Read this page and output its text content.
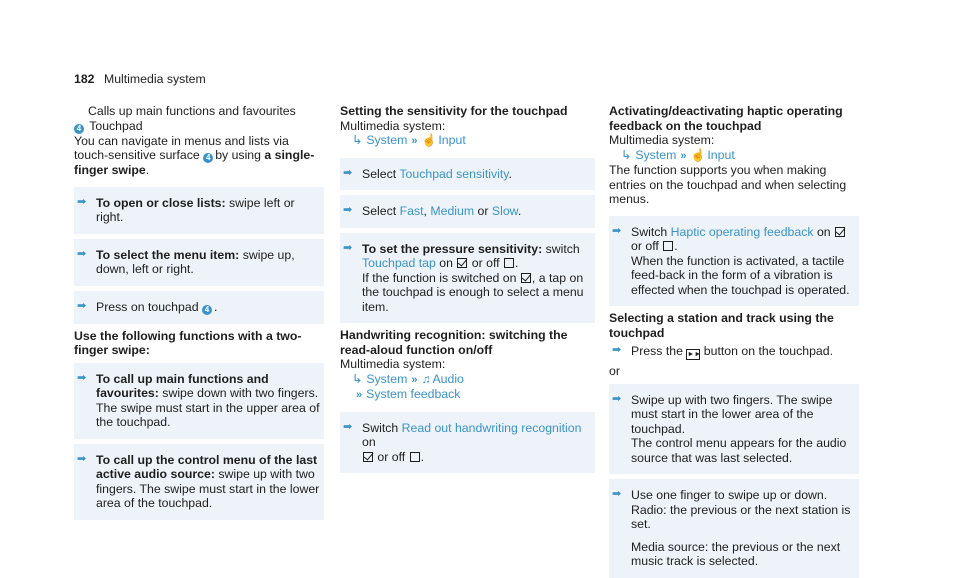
182 Multimedia system

Calls up main functions and favourites

4 Touchpad

You can navigate in menus and lists via touch-sensitive surface 4 by using a single-finger swipe.

➡ To open or close lists: swipe left or right.
➡ To select the menu item: swipe up, down, left or right.
➡ Press on touchpad 4 .

Use the following functions with a two-finger swipe:

➡ To call up main functions and favourites: swipe down with two fingers. The swipe must start in the upper area of the touchpad.
➡ To call up the control menu of the last active audio source: swipe up with two fingers. The swipe must start in the lower area of the touchpad.

Setting the sensitivity for the touchpad

Multimedia system:

↳ System » ☝ Input

➡ Select Touchpad sensitivity.
➡ Select Fast, Medium or Slow.
➡ To set the pressure sensitivity: switch Touchpad tap on or off .
If the function is switched on , a tap on the touchpad is enough to select a menu item.

Handwriting recognition: switching the read-aloud function on/off

Multimedia system:

↳ System » ♫ Audio

» System feedback

➡ Switch Read out handwriting recognition on
or off .

Activating/deactivating haptic operating feedback on the touchpad

Multimedia system:

↳ System » ☝ Input

The function supports you when making entries on the touchpad and when selecting menus.

➡ Switch Haptic operating feedback on  or off .
When the function is activated, a tactile feed-back in the form of a vibration is effected when the touchpad is operated.

Selecting a station and track using the touchpad

➡ Press the ►► button on the touchpad.

or

➡ Swipe up with two fingers. The swipe must start in the lower area of the touchpad.
The control menu appears for the audio source that was last selected.
➡ Use one finger to swipe up or down.
Radio: the previous or the next station is set.
Media source: the previous or the next music track is selected.
